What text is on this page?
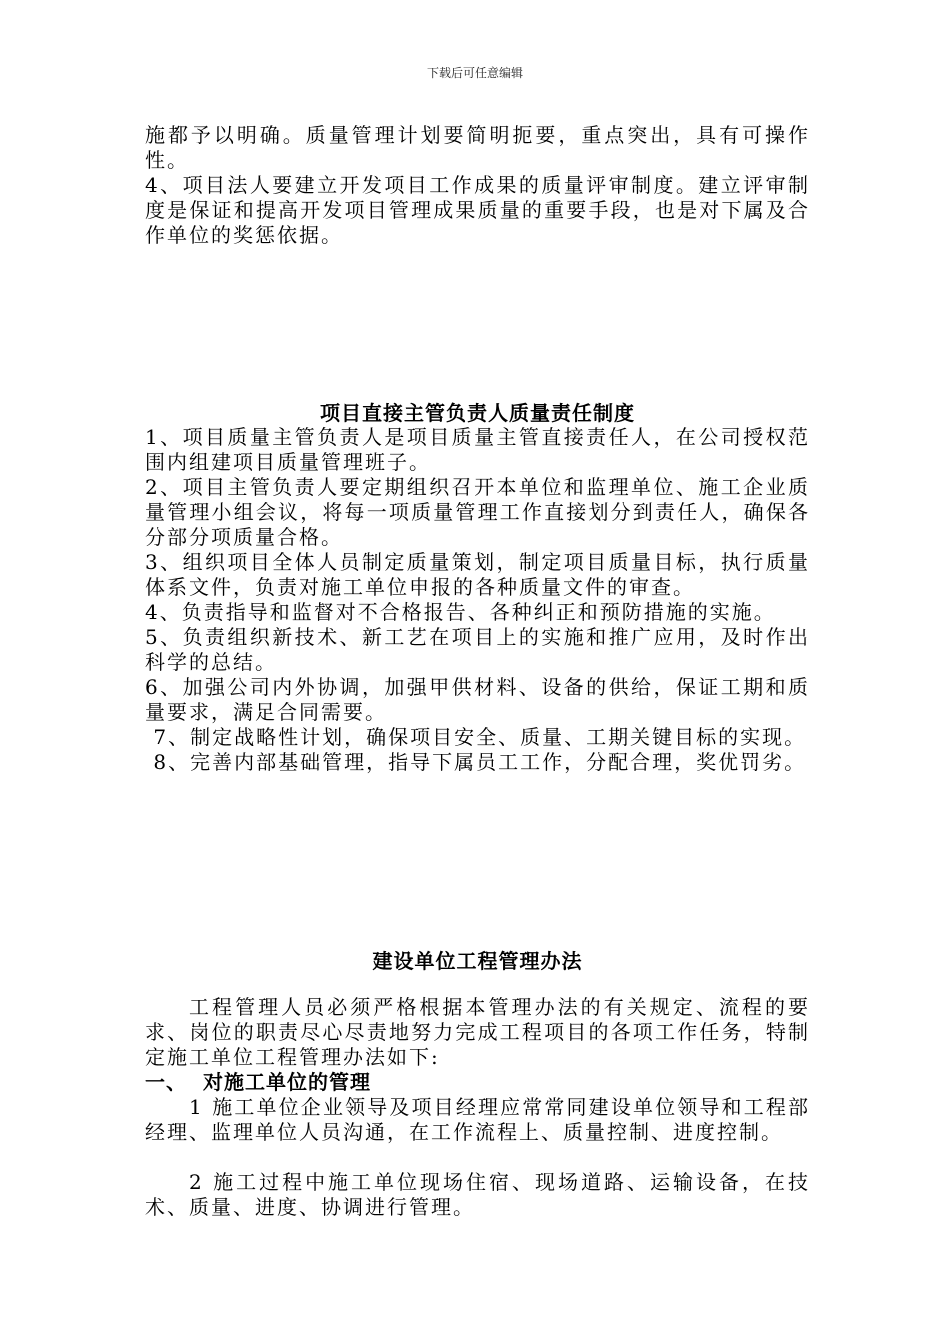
下载后可任意编辑

施都予以明确。质量管理计划要简明扼要，重点突出，具有可操作性。

4、项目法人要建立开发项目工作成果的质量评审制度。建立评审制度是保证和提高开发项目管理成果质量的重要手段，也是对下属及合作单位的奖惩依据。

项目直接主管负责人质量责任制度

1、项目质量主管负责人是项目质量主管直接责任人，在公司授权范围内组建项目质量管理班子。

2、项目主管负责人要定期组织召开本单位和监理单位、施工企业质量管理小组会议，将每一项质量管理工作直接划分到责任人，确保各分部分项质量合格。

3、组织项目全体人员制定质量策划，制定项目质量目标，执行质量体系文件，负责对施工单位申报的各种质量文件的审查。

4、负责指导和监督对不合格报告、各种纠正和预防措施的实施。

5、负责组织新技术、新工艺在项目上的实施和推广应用，及时作出科学的总结。

6、加强公司内外协调，加强甲供材料、设备的供给，保证工期和质量要求，满足合同需要。

7、制定战略性计划，确保项目安全、质量、工期关键目标的实现。

8、完善内部基础管理，指导下属员工工作，分配合理，奖优罚劣。

建设单位工程管理办法

工程管理人员必须严格根据本管理办法的有关规定、流程的要求、岗位的职责尽心尽责地努力完成工程项目的各项工作任务，特制定施工单位工程管理办法如下:

一、 对施工单位的管理

1 施工单位企业领导及项目经理应常常同建设单位领导和工程部经理、监理单位人员沟通，在工作流程上、质量控制、进度控制。

2 施工过程中施工单位现场住宿、现场道路、运输设备，在技术、质量、进度、协调进行管理。
